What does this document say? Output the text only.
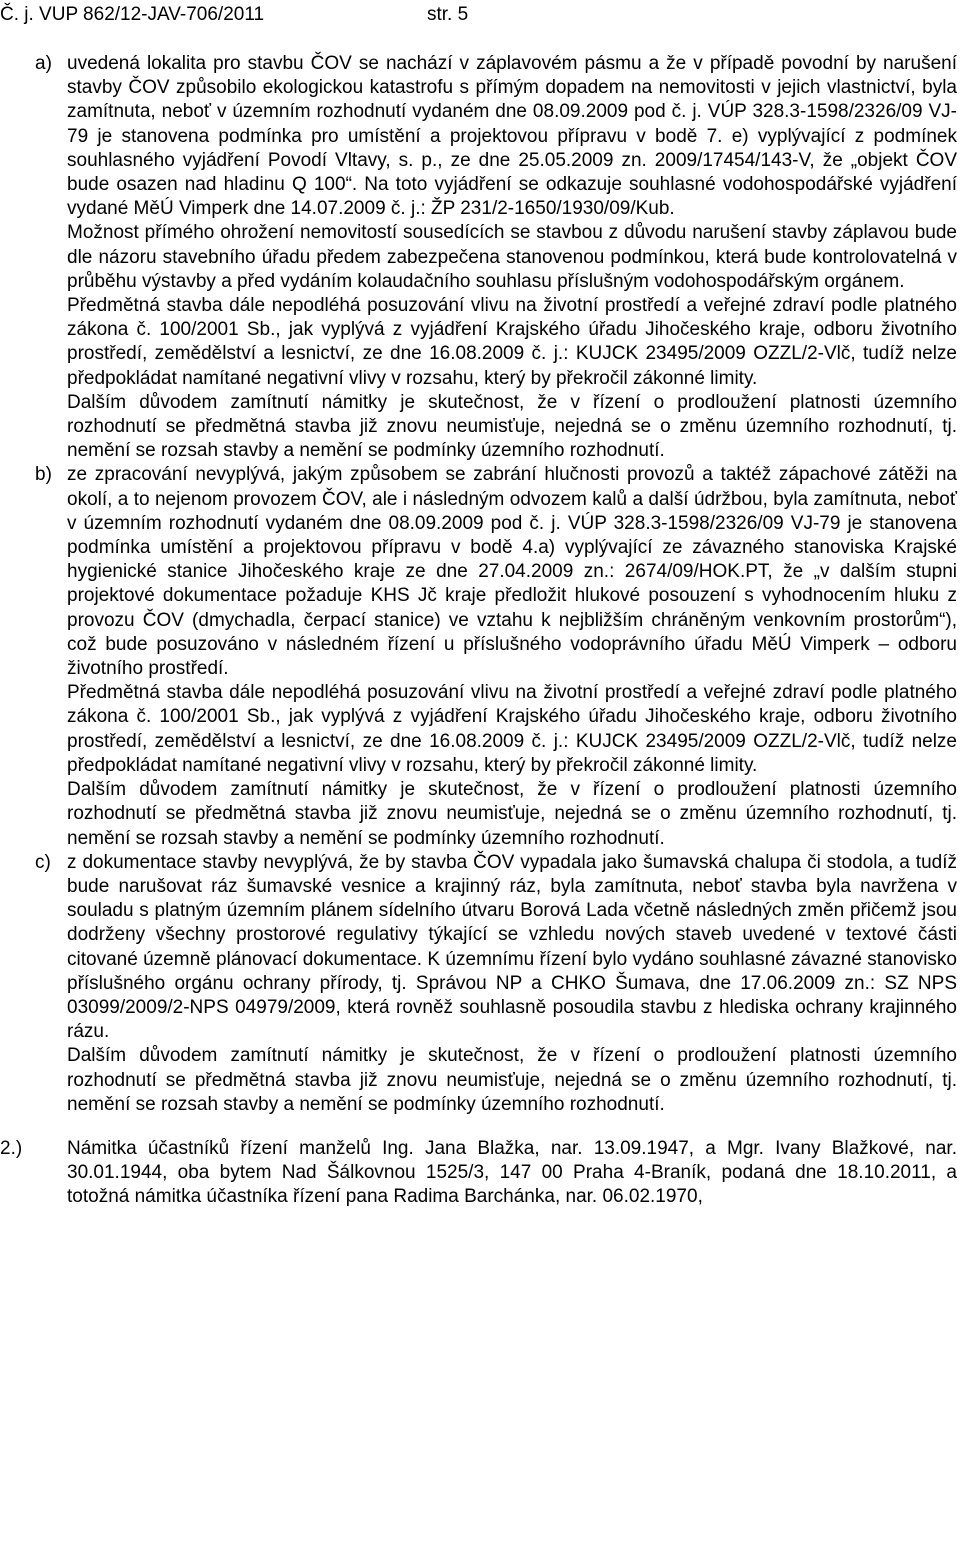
Č. j. VUP 862/12-JAV-706/2011	str. 5
a) uvedená lokalita pro stavbu ČOV se nachází v záplavovém pásmu a že v případě povodní by narušení stavby ČOV způsobilo ekologickou katastrofu s přímým dopadem na nemovitosti v jejich vlastnictví, byla zamítnuta, neboť v územním rozhodnutí vydaném dne 08.09.2009 pod č. j. VÚP 328.3-1598/2326/09 VJ-79 je stanovena podmínka pro umístění a projektovou přípravu v bodě 7. e) vyplývající z podmínek souhlasného vyjádření Povodí Vltavy, s. p., ze dne 25.05.2009 zn. 2009/17454/143-V, že „objekt ČOV bude osazen nad hladinu Q 100“. Na toto vyjádření se odkazuje souhlasné vodohospodářské vyjádření vydané MěÚ Vimperk dne 14.07.2009 č. j.: ŽP 231/2-1650/1930/09/Kub.

Možnost přímého ohrožení nemovitostí sousedících se stavbou z důvodu narušení stavby záplavou bude dle názoru stavebního úřadu předem zabezpečena stanovenou podmínkou, která bude kontrolovatelná v průběhu výstavby a před vydáním kolaudačního souhlasu příslušným vodohospodářským orgánem.

Předmětná stavba dále nepodléhá posuzování vlivu na životní prostředí a veřejné zdraví podle platného zákona č. 100/2001 Sb., jak vyplývá z vyjádření Krajského úřadu Jihočeského kraje, odboru životního prostředí, zemědělství a lesnictví, ze dne 16.08.2009 č. j.: KUJCK 23495/2009 OZZL/2-Vlč, tudíž nelze předpokládat namítané negativní vlivy v rozsahu, který by překročil zákonné limity.

Dalším důvodem zamítnutí námitky je skutečnost, že v řízení o prodloužení platnosti územního rozhodnutí se předmětná stavba již znovu neumisťuje, nejedná se o změnu územního rozhodnutí, tj. nemění se rozsah stavby a nemění se podmínky územního rozhodnutí.

b) ze zpracování nevyplývá, jakým způsobem se zabrání hlučnosti provozů a taktéž zápachové zátěži na okolí, a to nejenom provozem ČOV, ale i následným odvozem kalů a další údržbou, byla zamítnuta, neboť v územním rozhodnutí vydaném dne 08.09.2009 pod č. j. VÚP 328.3-1598/2326/09 VJ-79 je stanovena podmínka umístění a projektovou přípravu v bodě 4.a) vyplývající ze závazného stanoviska Krajské hygienické stanice Jihočeského kraje ze dne 27.04.2009 zn.: 2674/09/HOK.PT, že „v dalším stupni projektové dokumentace požaduje KHS Jč kraje předložit hlukové posouzení s vyhodnocením hluku z provozu ČOV (dmychadla, čerpací stanice) ve vztahu k nejbližším chráněným venkovním prostorům“), což bude posuzováno v následném řízení u příslušného vodoprávního úřadu MěÚ Vimperk – odboru životního prostředí.

Předmětná stavba dále nepodléhá posuzování vlivu na životní prostředí a veřejné zdraví podle platného zákona č. 100/2001 Sb., jak vyplývá z vyjádření Krajského úřadu Jihočeského kraje, odboru životního prostředí, zemědělství a lesnictví, ze dne 16.08.2009 č. j.: KUJCK 23495/2009 OZZL/2-Vlč, tudíž nelze předpokládat namítané negativní vlivy v rozsahu, který by překročil zákonné limity.

Dalším důvodem zamítnutí námitky je skutečnost, že v řízení o prodloužení platnosti územního rozhodnutí se předmětná stavba již znovu neumisťuje, nejedná se o změnu územního rozhodnutí, tj. nemění se rozsah stavby a nemění se podmínky územního rozhodnutí.

c) z dokumentace stavby nevyplývá, že by stavba ČOV vypadala jako šumavská chalupa či stodola, a tudíž bude narušovat ráz šumavské vesnice a krajinný ráz, byla zamítnuta, neboť stavba byla navržena v souladu s platným územním plánem sídelního útvaru Borová Lada včetně následných změn přičemž jsou dodrženy všechny prostorové regulativy týkající se vzhledu nových staveb uvedené v textové části citované územně plánovací dokumentace. K územnímu řízení bylo vydáno souhlasné závazné stanovisko příslušného orgánu ochrany přírody, tj. Správou NP a CHKO Šumava, dne 17.06.2009 zn.: SZ NPS 03099/2009/2-NPS 04979/2009, která rovněž souhlasně posoudila stavbu z hlediska ochrany krajinného rázu.

Dalším důvodem zamítnutí námitky je skutečnost, že v řízení o prodloužení platnosti územního rozhodnutí se předmětná stavba již znovu neumisťuje, nejedná se o změnu územního rozhodnutí, tj. nemění se rozsah stavby a nemění se podmínky územního rozhodnutí.

2.) Námitka účastníků řízení manželů Ing. Jana Blažka, nar. 13.09.1947, a Mgr. Ivany Blažkové, nar. 30.01.1944, oba bytem Nad Šálkovnou 1525/3, 147 00 Praha 4-Braník, podaná dne 18.10.2011, a totožná námitka účastníka řízení pana Radima Barchánka, nar. 06.02.1970,
